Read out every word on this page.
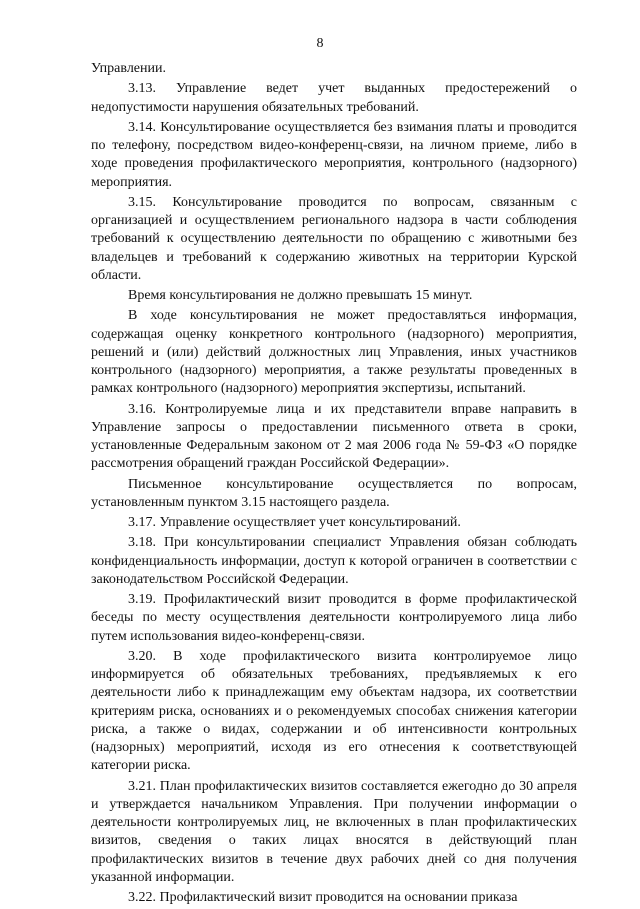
8

Управлении.

3.13. Управление ведет учет выданных предостережений о недопустимости нарушения обязательных требований.

3.14. Консультирование осуществляется без взимания платы и проводится по телефону, посредством видео-конференц-связи, на личном приеме, либо в ходе проведения профилактического мероприятия, контрольного (надзорного) мероприятия.

3.15. Консультирование проводится по вопросам, связанным с организацией и осуществлением регионального надзора в части соблюдения требований к осуществлению деятельности по обращению с животными без владельцев и требований к содержанию животных на территории Курской области.

Время консультирования не должно превышать 15 минут.

В ходе консультирования не может предоставляться информация, содержащая оценку конкретного контрольного (надзорного) мероприятия, решений и (или) действий должностных лиц Управления, иных участников контрольного (надзорного) мероприятия, а также результаты проведенных в рамках контрольного (надзорного) мероприятия экспертизы, испытаний.

3.16. Контролируемые лица и их представители вправе направить в Управление запросы о предоставлении письменного ответа в сроки, установленные Федеральным законом от 2 мая 2006 года № 59-ФЗ «О порядке рассмотрения обращений граждан Российской Федерации».

Письменное консультирование осуществляется по вопросам, установленным пунктом 3.15 настоящего раздела.

3.17. Управление осуществляет учет консультирований.

3.18. При консультировании специалист Управления обязан соблюдать конфиденциальность информации, доступ к которой ограничен в соответствии с законодательством Российской Федерации.

3.19. Профилактический визит проводится в форме профилактической беседы по месту осуществления деятельности контролируемого лица либо путем использования видео-конференц-связи.

3.20. В ходе профилактического визита контролируемое лицо информируется об обязательных требованиях, предъявляемых к его деятельности либо к принадлежащим ему объектам надзора, их соответствии критериям риска, основаниях и о рекомендуемых способах снижения категории риска, а также о видах, содержании и об интенсивности контрольных (надзорных) мероприятий, исходя из его отнесения к соответствующей категории риска.

3.21. План профилактических визитов составляется ежегодно до 30 апреля и утверждается начальником Управления. При получении информации о деятельности контролируемых лиц, не включенных в план профилактических визитов, сведения о таких лицах вносятся в действующий план профилактических визитов в течение двух рабочих дней со дня получения указанной информации.

3.22. Профилактический визит проводится на основании приказа
